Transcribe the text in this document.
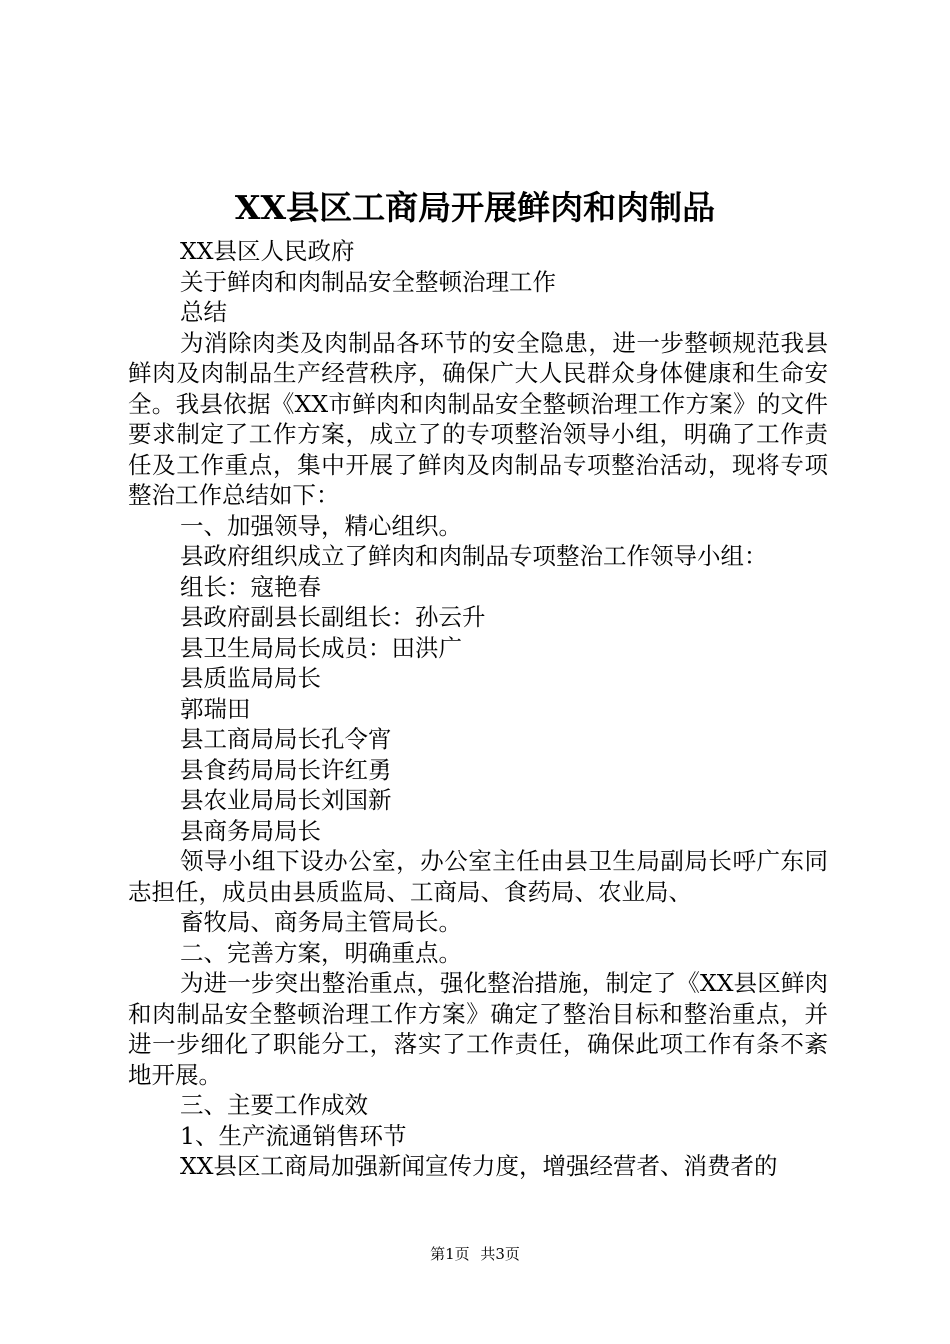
XX县区工商局开展鲜肉和肉制品
XX县区人民政府
关于鲜肉和肉制品安全整顿治理工作
总结

为消除肉类及肉制品各环节的安全隐患，进一步整顿规范我县鲜肉及肉制品生产经营秩序，确保广大人民群众身体健康和生命安全。我县依据《XX市鲜肉和肉制品安全整顿治理工作方案》的文件要求制定了工作方案，成立了的专项整治领导小组，明确了工作责任及工作重点，集中开展了鲜肉及肉制品专项整治活动，现将专项整治工作总结如下：

一、加强领导，精心组织。
县政府组织成立了鲜肉和肉制品专项整治工作领导小组：
组长：寇艳春
县政府副县长副组长：孙云升
县卫生局局长成员：田洪广
县质监局局长
郭瑞田
县工商局局长孔令宵
县食药局局长许红勇
县农业局局长刘国新
县商务局局长

领导小组下设办公室，办公室主任由县卫生局副局长呼广东同志担任，成员由县质监局、工商局、食药局、农业局、

畜牧局、商务局主管局长。
二、完善方案，明确重点。

为进一步突出整治重点，强化整治措施，制定了《XX县区鲜肉和肉制品安全整顿治理工作方案》确定了整治目标和整治重点，并进一步细化了职能分工，落实了工作责任，确保此项工作有条不紊地开展。

三、主要工作成效
1、生产流通销售环节

XX县区工商局加强新闻宣传力度，增强经营者、消费者的

第1页 共3页
